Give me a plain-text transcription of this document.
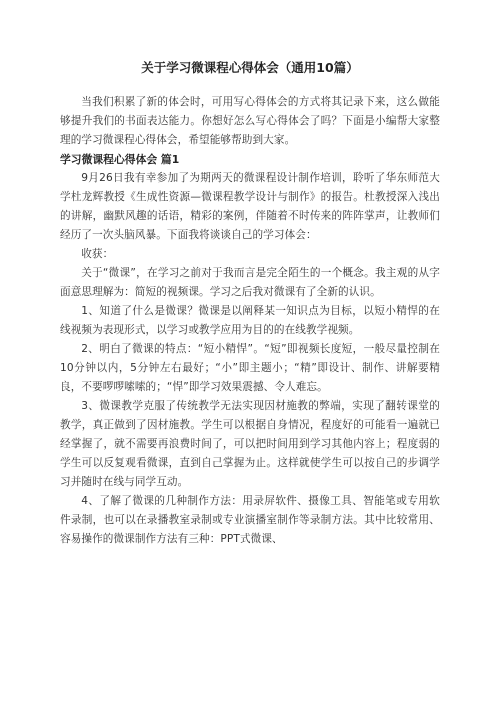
关于学习微课程心得体会（通用10篇）

当我们积累了新的体会时，可用写心得体会的方式将其记录下来，这么做能够提升我们的书面表达能力。你想好怎么写心得体会了吗？下面是小编帮大家整理的学习微课程心得体会，希望能够帮助到大家。

学习微课程心得体会 篇1

9月26日我有幸参加了为期两天的微课程设计制作培训，聆听了华东师范大学杜龙辉教授《生成性资源—微课程教学设计与制作》的报告。杜教授深入浅出的讲解，幽默风趣的话语，精彩的案例，伴随着不时传来的阵阵掌声，让教师们经历了一次头脑风暴。下面我将谈谈自己的学习体会：

收获：

关于“微课”，在学习之前对于我而言是完全陌生的一个概念。我主观的从字面意思理解为：简短的视频课。学习之后我对微课有了全新的认识。

1、知道了什么是微课？微课是以阐释某一知识点为目标，以短小精悍的在线视频为表现形式，以学习或教学应用为目的的在线教学视频。

2、明白了微课的特点：“短小精悍”。“短”即视频长度短，一般尽量控制在10分钟以内，5分钟左右最好；“小”即主题小；“精”即设计、制作、讲解要精良，不要啰啰嗦嗦的；“悍”即学习效果震撼、令人难忘。

3、微课教学克服了传统教学无法实现因材施教的弊端，实现了翻转课堂的教学，真正做到了因材施教。学生可以根据自身情况，程度好的可能看一遍就已经掌握了，就不需要再浪费时间了，可以把时间用到学习其他内容上；程度弱的学生可以反复观看微课，直到自己掌握为止。这样就使学生可以按自己的步调学习并随时在线与同学互动。

4、了解了微课的几种制作方法：用录屏软件、摄像工具、智能笔或专用软件录制，也可以在录播教室录制或专业演播室制作等录制方法。其中比较常用、容易操作的微课制作方法有三种：PPT式微课、
